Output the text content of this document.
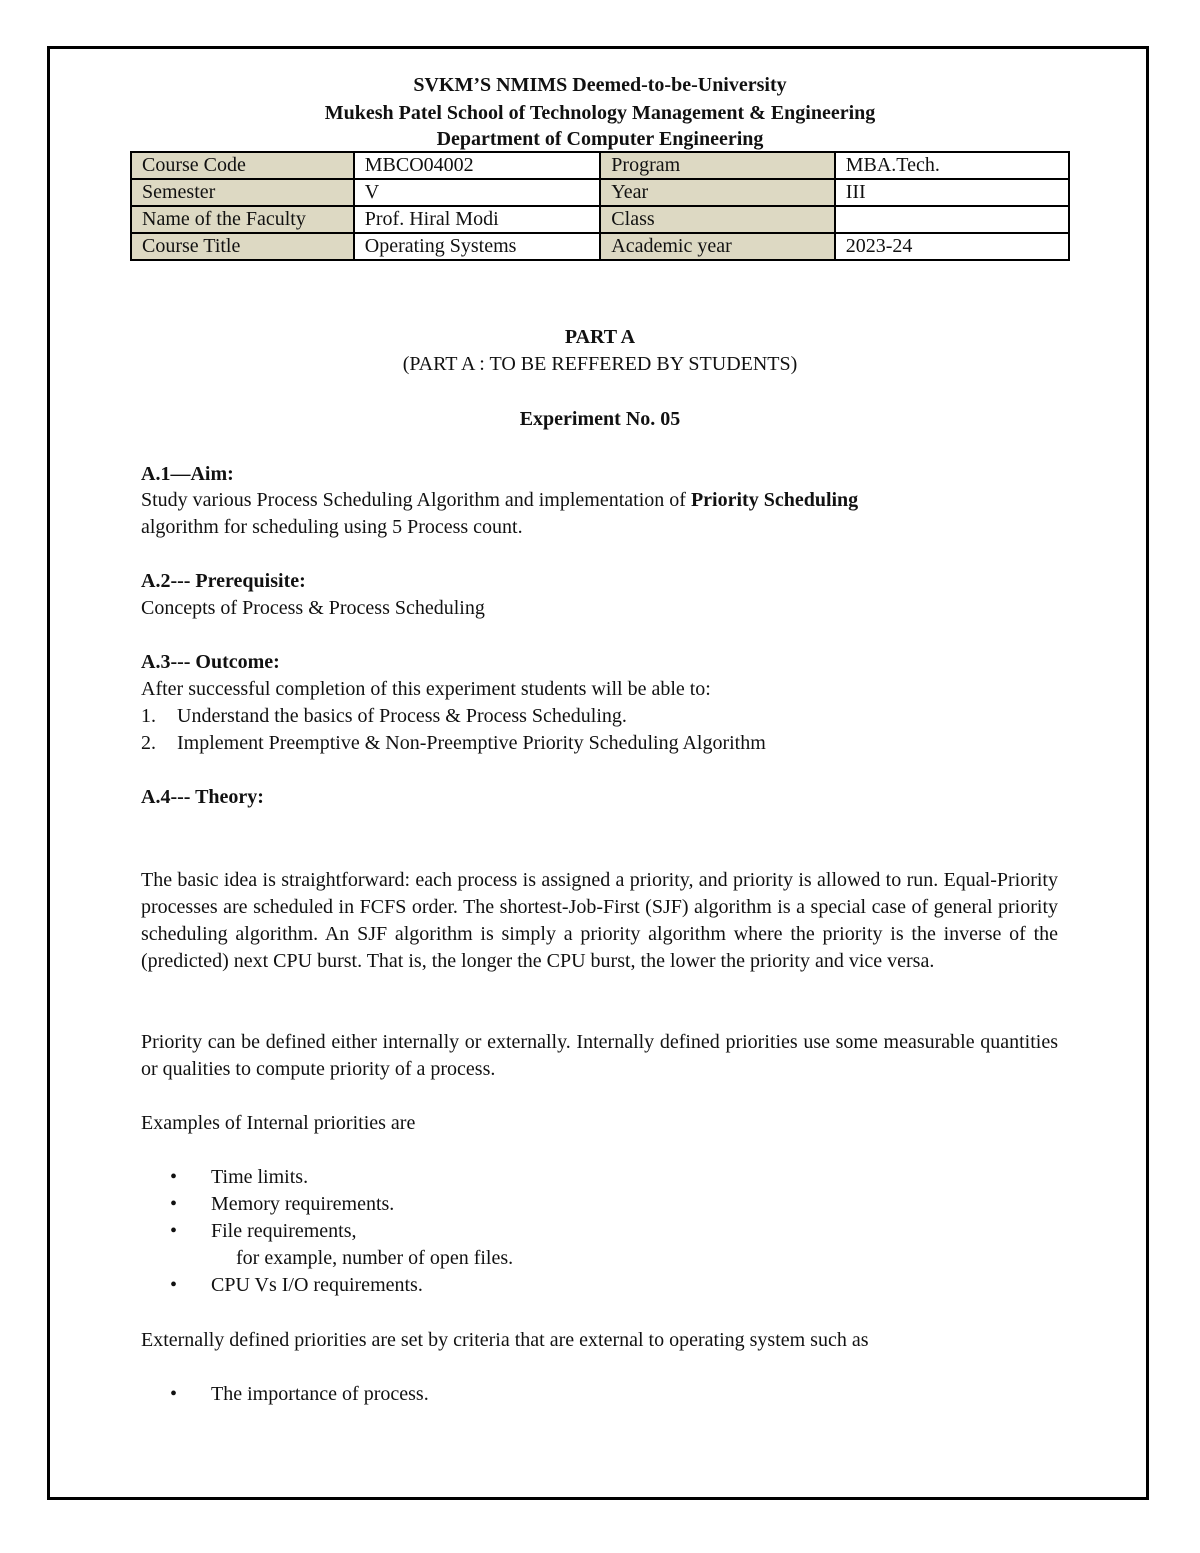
SVKM’S NMIMS Deemed-to-be-University
Mukesh Patel School of Technology Management & Engineering
Department of Computer Engineering
Course Code	MBCO04002	Program	MBA.Tech.
Semester	V	Year	III
Name of the Faculty	Prof. Hiral Modi	Class	
Course Title	Operating Systems	Academic year	2023-24
PART A
(PART A : TO BE REFFERED BY STUDENTS)
Experiment No. 05
A.1—Aim:
Study various Process Scheduling Algorithm and implementation of Priority Scheduling
algorithm for scheduling using 5 Process count.
A.2--- Prerequisite:
Concepts of Process & Process Scheduling
A.3--- Outcome:
After successful completion of this experiment students will be able to:
1.	Understand the basics of Process & Process Scheduling.
2.	Implement Preemptive & Non-Preemptive Priority Scheduling Algorithm
A.4--- Theory:
The basic idea is straightforward: each process is assigned a priority, and priority is allowed to run. Equal-Priority processes are scheduled in FCFS order. The shortest-Job-First (SJF) algorithm is a special case of general priority scheduling algorithm. An SJF algorithm is simply a priority algorithm where the priority is the inverse of the (predicted) next CPU burst. That is, the longer the CPU burst, the lower the priority and vice versa.
Priority can be defined either internally or externally. Internally defined priorities use some measurable quantities or qualities to compute priority of a process.
Examples of Internal priorities are
•	Time limits.
•	Memory requirements.
•	File requirements,
for example, number of open files.
•	CPU Vs I/O requirements.
Externally defined priorities are set by criteria that are external to operating system such as
•	The importance of process.
